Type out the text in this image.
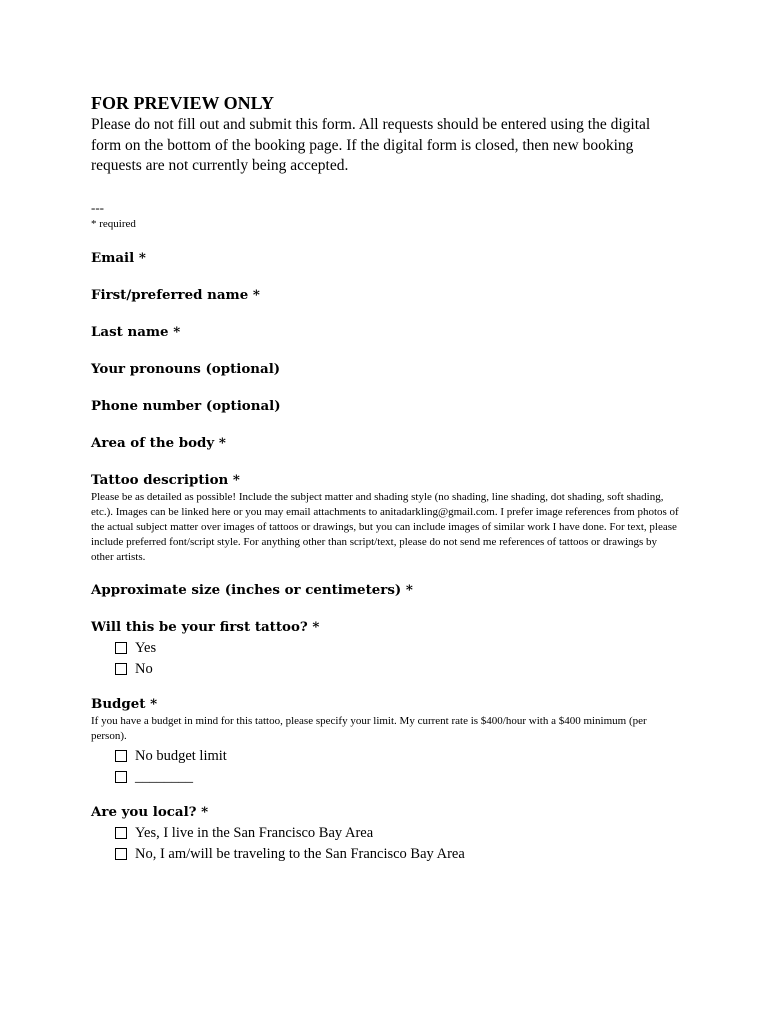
FOR PREVIEW ONLY

Please do not fill out and submit this form. All requests should be entered using the digital form on the bottom of the booking page. If the digital form is closed, then new booking requests are not currently being accepted.

---

* required

Email *

First/preferred name *

Last name *

Your pronouns (optional)

Phone number (optional)

Area of the body *

Tattoo description *

Please be as detailed as possible! Include the subject matter and shading style (no shading, line shading, dot shading, soft shading, etc.). Images can be linked here or you may email attachments to anitadarkling@gmail.com. I prefer image references from photos of the actual subject matter over images of tattoos or drawings, but you can include images of similar work I have done. For text, please include preferred font/script style. For anything other than script/text, please do not send me references of tattoos or drawings by other artists.

Approximate size (inches or centimeters) *

Will this be your first tattoo? *

Yes
No

Budget *

If you have a budget in mind for this tattoo, please specify your limit. My current rate is $400/hour with a $400 minimum (per person).

No budget limit
________

Are you local? *

Yes, I live in the San Francisco Bay Area
No, I am/will be traveling to the San Francisco Bay Area
